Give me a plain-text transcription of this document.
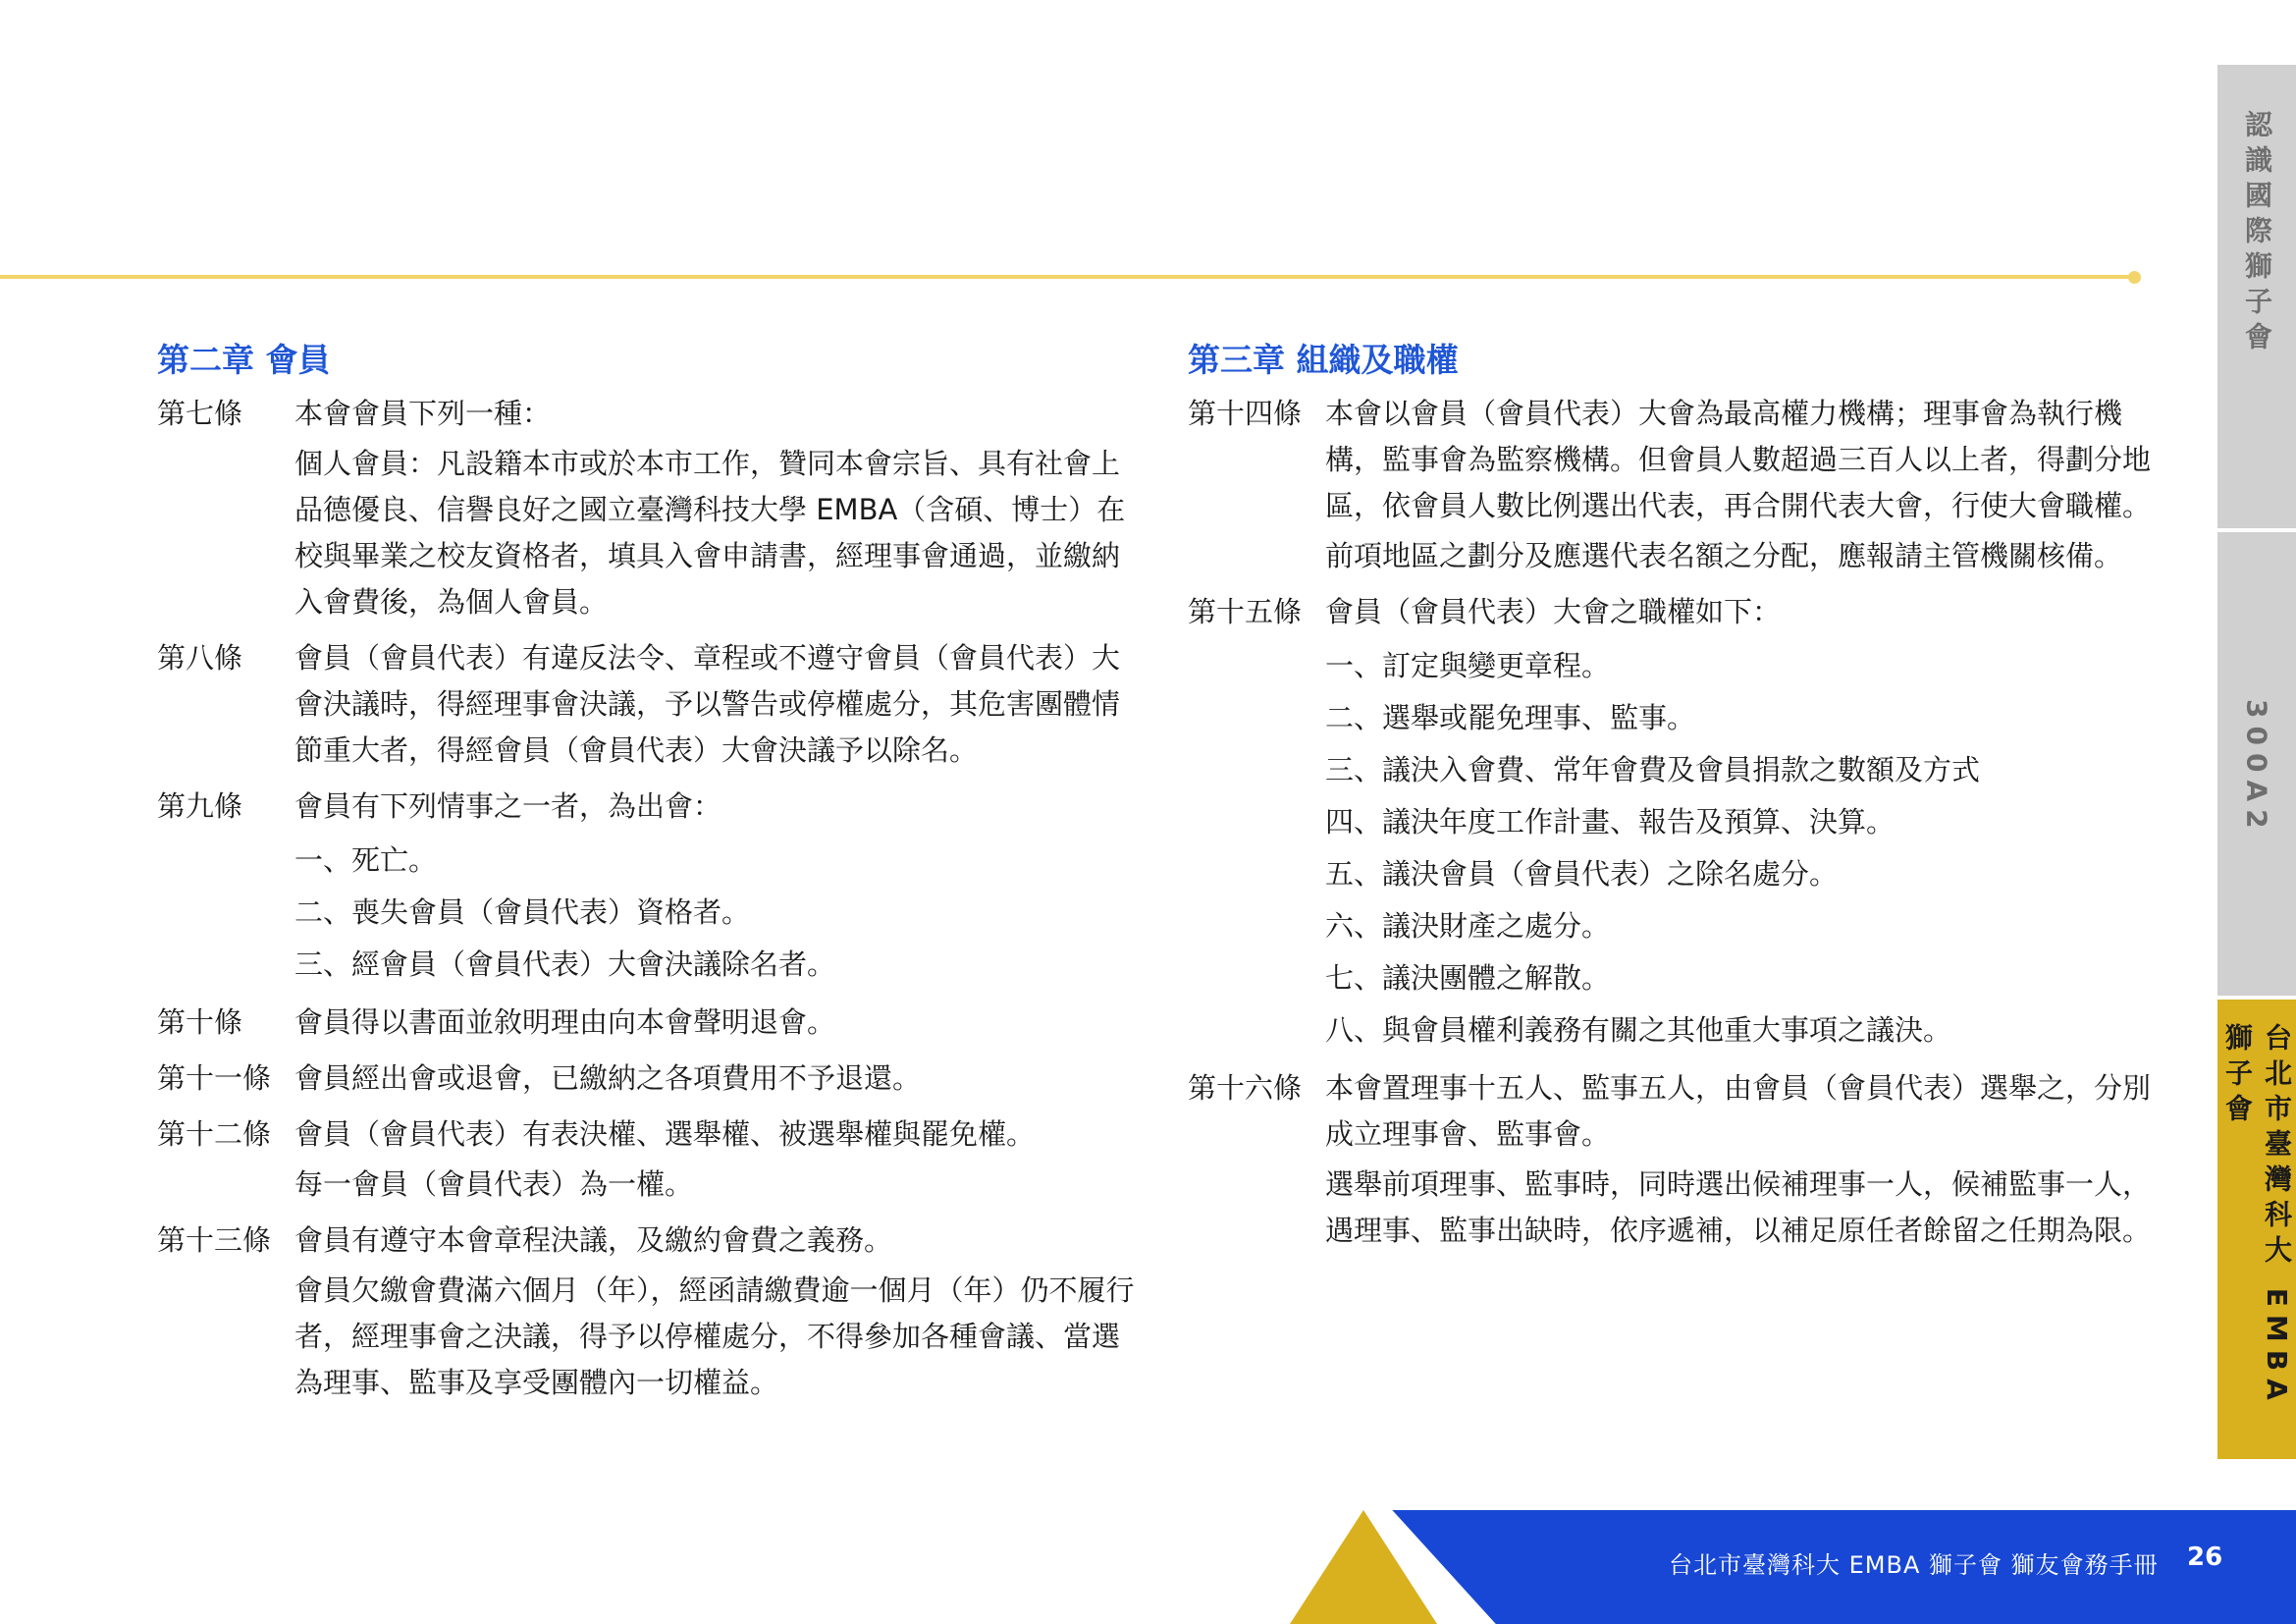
第二章 會員
第七條	本會會員下列一種：
個人會員：凡設籍本市或於本市工作，贊同本會宗旨、具有社會上品德優良、信譽良好之國立臺灣科技大學 EMBA（含碩、博士）在校與畢業之校友資格者，填具入會申請書，經理事會通過，並繳納入會費後，為個人會員。
第八條	會員（會員代表）有違反法令、章程或不遵守會員（會員代表）大會決議時，得經理事會決議，予以警告或停權處分，其危害團體情節重大者，得經會員（會員代表）大會決議予以除名。
第九條	會員有下列情事之一者，為出會：
一、死亡。
二、喪失會員（會員代表）資格者。
三、經會員（會員代表）大會決議除名者。
第十條	會員得以書面並敘明理由向本會聲明退會。
第十一條 會員經出會或退會，已繳納之各項費用不予退還。
第十二條 會員（會員代表）有表決權、選舉權、被選舉權與罷免權。
每一會員（會員代表）為一權。
第十三條 會員有遵守本會章程決議，及繳約會費之義務。
會員欠繳會費滿六個月（年），經函請繳費逾一個月（年）仍不履行者，經理事會之決議，得予以停權處分，不得參加各種會議、當選為理事、監事及享受團體內一切權益。
第三章 組織及職權
第十四條 本會以會員（會員代表）大會為最高權力機構；理事會為執行機構，監事會為監察機構。但會員人數超過三百人以上者，得劃分地區，依會員人數比例選出代表，再合開代表大會，行使大會職權。
前項地區之劃分及應選代表名額之分配，應報請主管機關核備。
第十五條 會員（會員代表）大會之職權如下：
一、訂定與變更章程。
二、選舉或罷免理事、監事。
三、議決入會費、常年會費及會員捐款之數額及方式
四、議決年度工作計畫、報告及預算、決算。
五、議決會員（會員代表）之除名處分。
六、議決財產之處分。
七、議決團體之解散。
八、與會員權利義務有關之其他重大事項之議決。
第十六條 本會置理事十五人、監事五人，由會員（會員代表）選舉之，分別成立理事會、監事會。
選舉前項理事、監事時，同時選出候補理事一人，候補監事一人，遇理事、監事出缺時，依序遞補，以補足原任者餘留之任期為限。
認識國際獅子會
300A2
台北市臺灣科大 EMBA 獅子會
台北市臺灣科大 EMBA 獅子會 獅友會務手冊 26
